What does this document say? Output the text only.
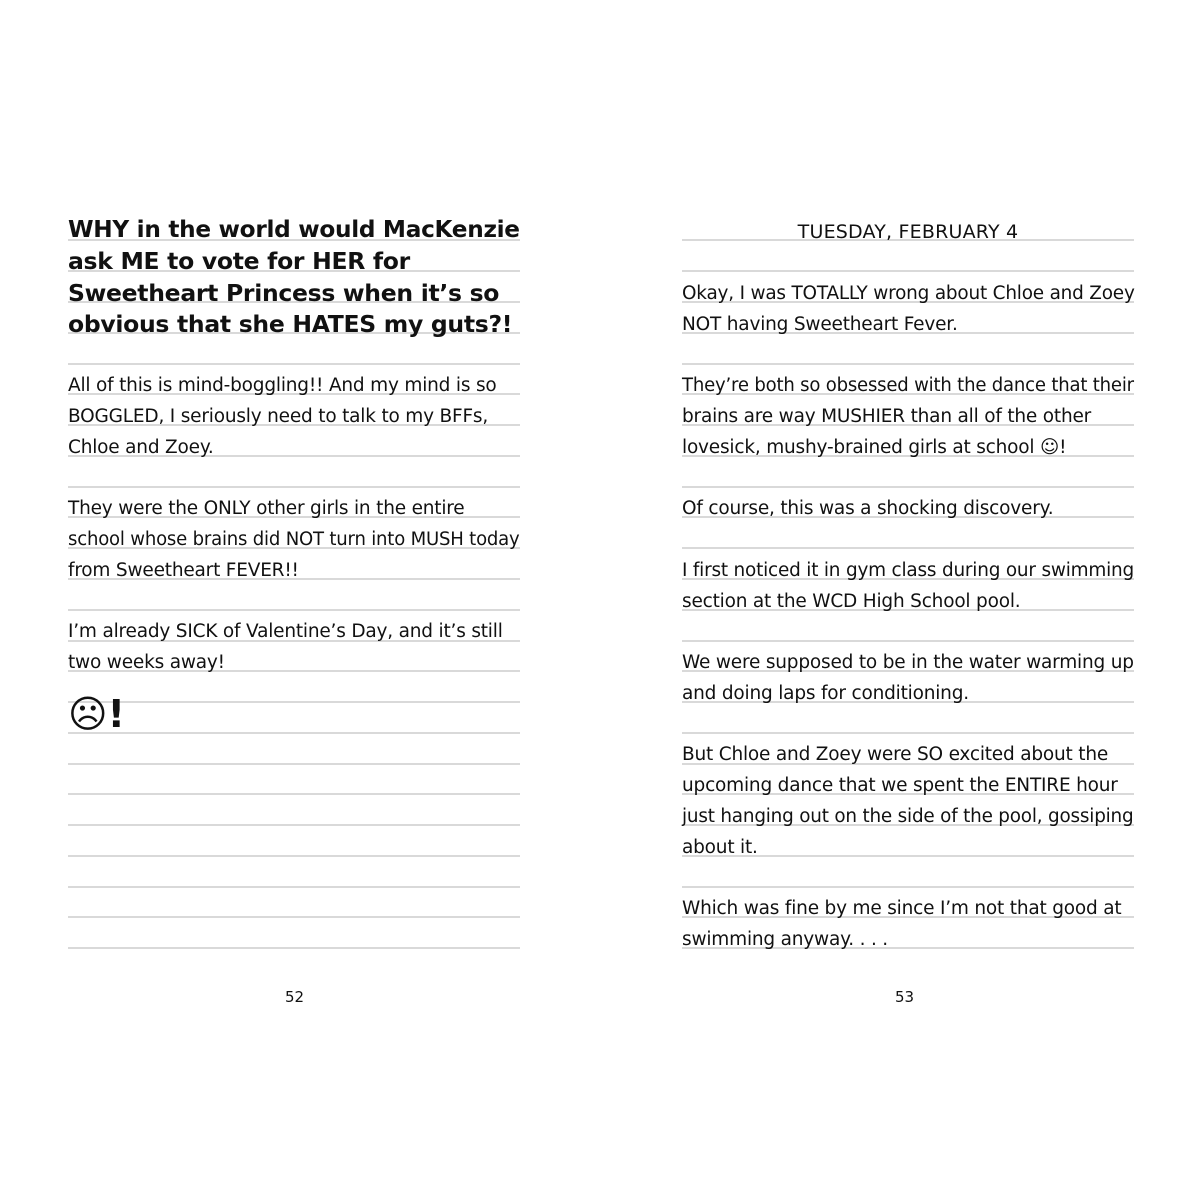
WHY in the world would MacKenzie
ask ME to vote for HER for
Sweetheart Princess when it’s so
obvious that she HATES my guts?!
All of this is mind-boggling!! And my mind is so
BOGGLED, I seriously need to talk to my BFFs,
Chloe and Zoey.
They were the ONLY other girls in the entire
school whose brains did NOT turn into MUSH today
from Sweetheart FEVER!!
I’m already SICK of Valentine’s Day, and it’s still
two weeks away!
☹!
52
TUESDAY, FEBRUARY 4
Okay, I was TOTALLY wrong about Chloe and Zoey
NOT having Sweetheart Fever.
They’re both so obsessed with the dance that their
brains are way MUSHIER than all of the other
lovesick, mushy-brained girls at school ☺!
Of course, this was a shocking discovery.
I first noticed it in gym class during our swimming
section at the WCD High School pool.
We were supposed to be in the water warming up
and doing laps for conditioning.
But Chloe and Zoey were SO excited about the
upcoming dance that we spent the ENTIRE hour
just hanging out on the side of the pool, gossiping
about it.
Which was fine by me since I’m not that good at
swimming anyway. . . .
53
